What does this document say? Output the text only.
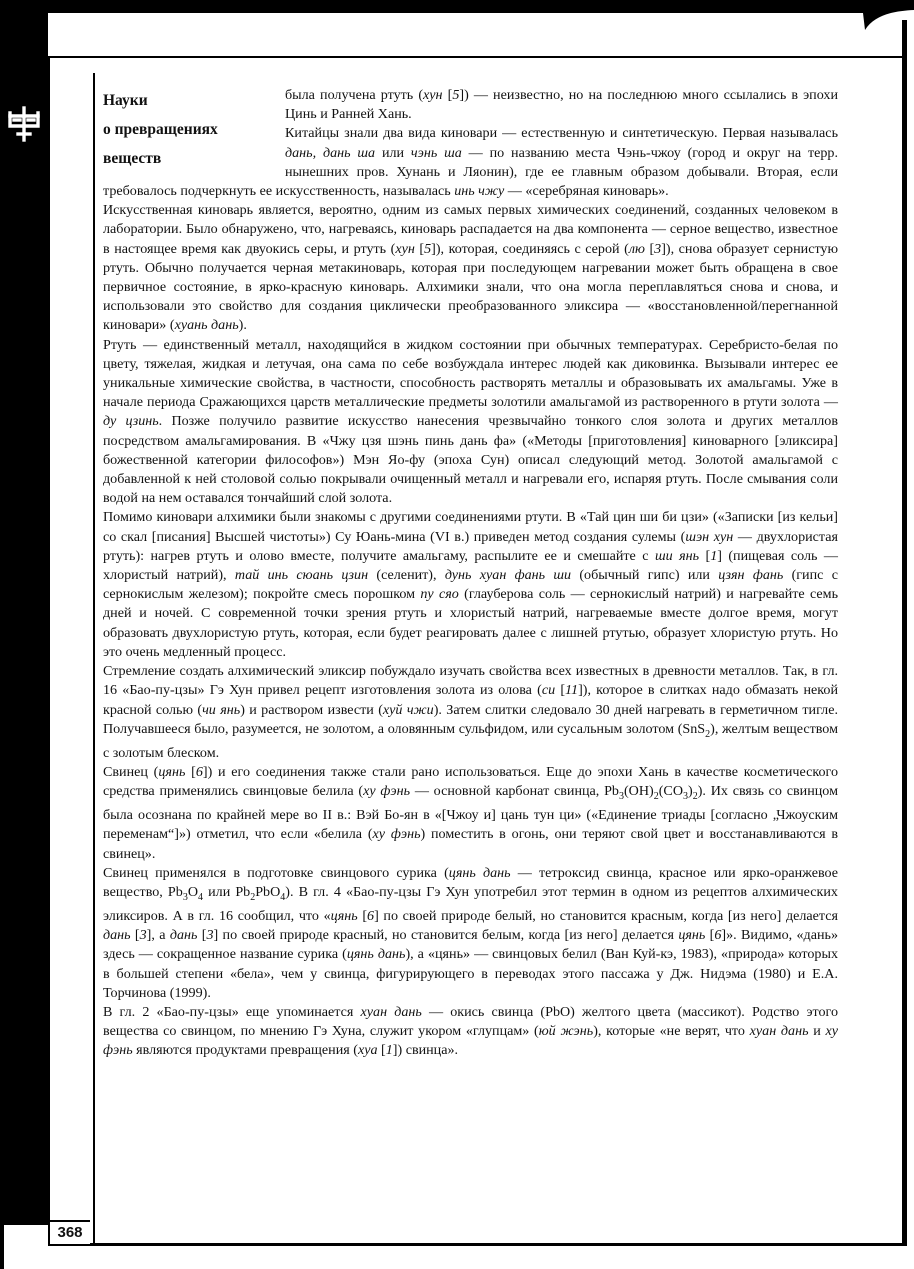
368
Науки
о превращениях
веществ

была получена ртуть (хун [5]) — неизвестно, но на последнюю много ссылались в эпохи Цинь и Ранней Хань.

Китайцы знали два вида киновари — естественную и синтетическую. Первая называлась дань, дань ша или чэнь ша — по названию места Чэнь-чжоу (город и округ на терр. нынешних пров. Хунань и Ляонин), где ее главным образом добывали. Вторая, если требовалось подчеркнуть ее искусственность, называлась инь чжу — «серебряная киноварь».

Искусственная киноварь является, вероятно, одним из самых первых химических соединений, созданных человеком в лаборатории. Было обнаружено, что, нагреваясь, киноварь распадается на два компонента — серное вещество, известное в настоящее время как двуокись серы, и ртуть (хун [5]), которая, соединяясь с серой (лю [3]), снова образует сернистую ртуть. Обычно получается черная метакиноварь, которая при последующем нагревании может быть обращена в свое первичное состояние, в ярко-красную киноварь. Алхимики знали, что она могла переплавляться снова и снова, и использовали это свойство для создания циклически преобразованного эликсира — «восстановленной/перегнанной киновари» (хуань дань).

Ртуть — единственный металл, находящийся в жидком состоянии при обычных температурах. Серебристо-белая по цвету, тяжелая, жидкая и летучая, она сама по себе возбуждала интерес людей как диковинка. Вызывали интерес ее уникальные химические свойства, в частности, способность растворять металлы и образовывать их амальгамы. Уже в начале периода Сражающихся царств металлические предметы золотили амальгамой из растворенного в ртути золота — ду цзинь. Позже получило развитие искусство нанесения чрезвычайно тонкого слоя золота и других металлов посредством амальгамирования. В «Чжу цзя шэнь пинь дань фа» («Методы [приготовления] киноварного [эликсира] божественной категории философов») Мэн Яо-фу (эпоха Сун) описал следующий метод. Золотой амальгамой с добавленной к ней столовой солью покрывали очищенный металл и нагревали его, испаряя ртуть. После смывания соли водой на нем оставался тончайший слой золота.

Помимо киновари алхимики были знакомы с другими соединениями ртути. В «Тай цин ши би цзи» («Записки [из кельи] со скал [писания] Высшей чистоты») Су Юань-мина (VI в.) приведен метод создания сулемы (шэн хун — двухлористая ртуть): нагрев ртуть и олово вместе, получите амальгаму, распылите ее и смешайте с ши янь [1] (пищевая соль — хлористый натрий), тай инь сюань цзин (селенит), дунь хуан фань ши (обычный гипс) или цзян фань (гипс с сернокислым железом); покройте смесь порошком пу сяо (глауберова соль — сернокислый натрий) и нагревайте семь дней и ночей. С современной точки зрения ртуть и хлористый натрий, нагреваемые вместе долгое время, могут образовать двухлористую ртуть, которая, если будет реагировать далее с лишней ртутью, образует хлористую ртуть. Но это очень медленный процесс.

Стремление создать алхимический эликсир побуждало изучать свойства всех известных в древности металлов. Так, в гл. 16 «Бао-пу-цзы» Гэ Хун привел рецепт изготовления золота из олова (си [11]), которое в слитках надо обмазать некой красной солью (чи янь) и раствором извести (хуй чжи). Затем слитки следовало 30 дней нагревать в герметичном тигле. Получавшееся было, разумеется, не золотом, а оловянным сульфидом, или сусальным золотом (SnS$_2$), желтым веществом с золотым блеском.

Свинец (цянь [6]) и его соединения также стали рано использоваться. Еще до эпохи Хань в качестве косметического средства применялись свинцовые белила (ху фэнь — основной карбонат свинца, $Pb_3(OH)_2(CO_3)_2$). Их связь со свинцом была осознана по крайней мере во II в.: Вэй Бо-ян в «[Чжоу и] цань тун ци» («Единение триады [согласно „Чжоуским переменам“]») отметил, что если «белила (ху фэнь) поместить в огонь, они теряют свой цвет и восстанавливаются в свинец».

Свинец применялся в подготовке свинцового сурика (цянь дань — тетроксид свинца, красное или ярко-оранжевое вещество, $Pb_3O_4$ или $Pb_2PbO_4$). В гл. 4 «Бао-пу-цзы Гэ Хун употребил этот термин в одном из рецептов алхимических эликсиров. А в гл. 16 сообщил, что «цянь [6] по своей природе белый, но становится красным, когда [из него] делается дань [3], а дань [3] по своей природе красный, но становится белым, когда [из него] делается цянь [6]». Видимо, «дань» здесь — сокращенное название сурика (цянь дань), а «цянь» — свинцовых белил (Ван Куй-кэ, 1983), «природа» которых в большей степени «бела», чем у свинца, фигурирующего в переводах этого пассажа у Дж. Нидэма (1980) и Е.А. Торчинова (1999).

В гл. 2 «Бао-пу-цзы» еще упоминается хуан дань — окись свинца (PbO) желтого цвета (массикот). Родство этого вещества со свинцом, по мнению Гэ Хуна, служит укором «глупцам» (юй жэнь), которые «не верят, что хуан дань и ху фэнь являются продуктами превращения (хуа [1]) свинца».
